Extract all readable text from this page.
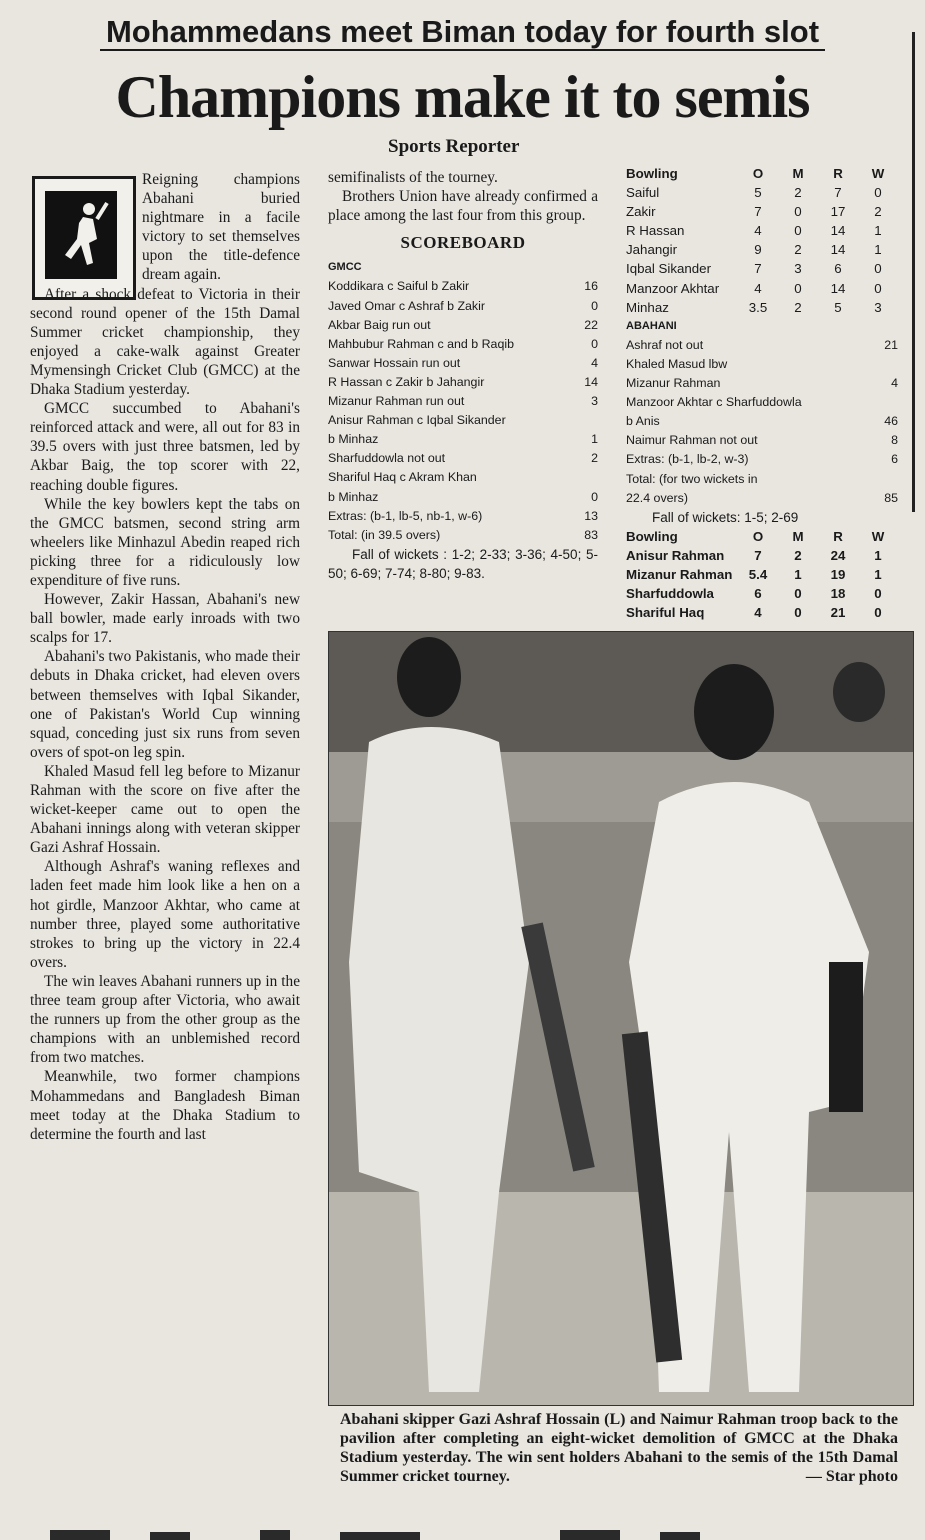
Mohammedans meet Biman today for fourth slot
Champions make it to semis
Sports Reporter

Reigning champions Abahani buried nightmare in a facile victory to set themselves upon the title-defence dream again.

After a shock defeat to Victoria in their second round opener of the 15th Damal Summer cricket championship, they enjoyed a cake-walk against Greater Mymensingh Cricket Club (GMCC) at the Dhaka Stadium yesterday.

GMCC succumbed to Abahani's reinforced attack and were, all out for 83 in 39.5 overs with just three batsmen, led by Akbar Baig, the top scorer with 22, reaching double figures.

While the key bowlers kept the tabs on the GMCC batsmen, second string arm wheelers like Minhazul Abedin reaped rich picking three for a ridiculously low expenditure of five runs.

However, Zakir Hassan, Abahani's new ball bowler, made early inroads with two scalps for 17.

Abahani's two Pakistanis, who made their debuts in Dhaka cricket, had eleven overs between themselves with Iqbal Sikander, one of Pakistan's World Cup winning squad, conceding just six runs from seven overs of spot-on leg spin.

Khaled Masud fell leg before to Mizanur Rahman with the score on five after the wicket-keeper came out to open the Abahani innings along with veteran skipper Gazi Ashraf Hossain.

Although Ashraf's waning reflexes and laden feet made him look like a hen on a hot girdle, Manzoor Akhtar, who came at number three, played some authoritative strokes to bring up the victory in 22.4 overs.

The win leaves Abahani runners up in the three team group after Victoria, who await the runners up from the other group as the champions with an unblemished record from two matches.

Meanwhile, two former champions Mohammedans and Bangladesh Biman meet today at the Dhaka Stadium to determine the fourth and last

semifinalists of the tourney.

Brothers Union have already confirmed a place among the last four from this group.

SCOREBOARD
GMCC
Koddikara c Saiful b Zakir	16
Javed Omar c Ashraf b Zakir	0
Akbar Baig run out	22
Mahbubur Rahman c and b Raqib	0
Sanwar Hossain run out	4
R Hassan c Zakir b Jahangir	14
Mizanur Rahman run out	3
Anisur Rahman c Iqbal Sikander
b Minhaz	1
Sharfuddowla not out	2
Shariful Haq c Akram Khan
b Minhaz	0
Extras: (b-1, lb-5, nb-1, w-6)	13
Total: (in 39.5 overs)	83
Fall of wickets : 1-2; 2-33; 3-36; 4-50; 5-50; 6-69; 7-74; 8-80; 9-83.
Bowling	O	M	R	W
Saiful	5	2	7	0
Zakir	7	0	17	2
R Hassan	4	0	14	1
Jahangir	9	2	14	1
Iqbal Sikander	7	3	6	0
Manzoor Akhtar	4	0	14	0
Minhaz	3.5	2	5	3
ABAHANI
Ashraf not out	21
Khaled Masud lbw
Mizanur Rahman	4
Manzoor Akhtar c Sharfuddowla
b Anis	46
Naimur Rahman not out	8
Extras: (b-1, lb-2, w-3)	6
Total: (for two wickets in
22.4 overs)	85
Fall of wickets: 1-5; 2-69
Bowling	O	M	R	W
Anisur Rahman	7	2	24	1
Mizanur Rahman	5.4	1	19	1
Sharfuddowla	6	0	18	0
Shariful Haq	4	0	21	0
Abahani skipper Gazi Ashraf Hossain (L) and Naimur Rahman troop back to the pavilion after completing an eight-wicket demolition of GMCC at the Dhaka Stadium yesterday. The win sent holders Abahani to the semis of the 15th Damal Summer cricket tourney.	— Star photo
